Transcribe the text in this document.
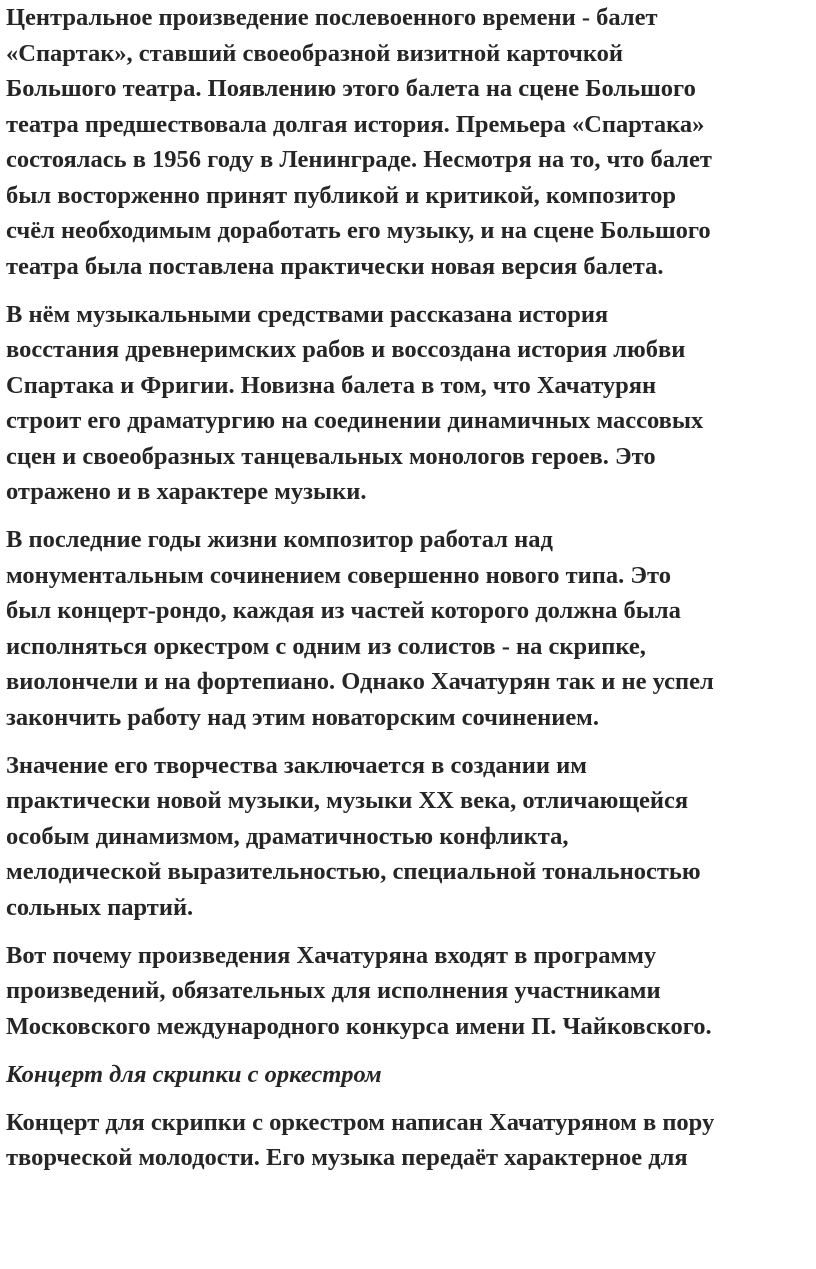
Центральное произведение послевоенного времени - балет
«Спартак», ставший своеобразной визитной карточкой
Большого театра. Появлению этого балета на сцене Большого
театра предшествовала долгая история. Премьера «Спартака»
состоялась в 1956 году в Ленинграде. Несмотря на то, что балет
был восторженно принят публикой и критикой, композитор
счёл необходимым доработать его музыку, и на сцене Большого
театра была поставлена практически новая версия балета.

В нём музыкальными средствами рассказана история
восстания древнеримских рабов и воссоздана история любви
Спартака и Фригии. Новизна балета в том, что Хачатурян
строит его драматургию на соединении динамичных массовых
сцен и своеобразных танцевальных монологов героев. Это
отражено и в характере музыки.

В последние годы жизни композитор работал над
монументальным сочинением совершенно нового типа. Это
был концерт-рондо, каждая из частей которого должна была
исполняться оркестром с одним из солистов - на скрипке,
виолончели и на фортепиано. Однако Хачатурян так и не успел
закончить работу над этим новаторским сочинением.

Значение его творчества заключается в создании им
практически новой музыки, музыки XX века, отличающейся
особым динамизмом, драматичностью конфликта,
мелодической выразительностью, специальной тональностью
сольных партий.

Вот почему произведения Хачатуряна входят в программу
произведений, обязательных для исполнения участниками
Московского международного конкурса имени П. Чайковского.

Концерт для скрипки с оркестром

Концерт для скрипки с оркестром написан Хачатуряном в пору
творческой молодости. Его музыка передаёт характерное для
